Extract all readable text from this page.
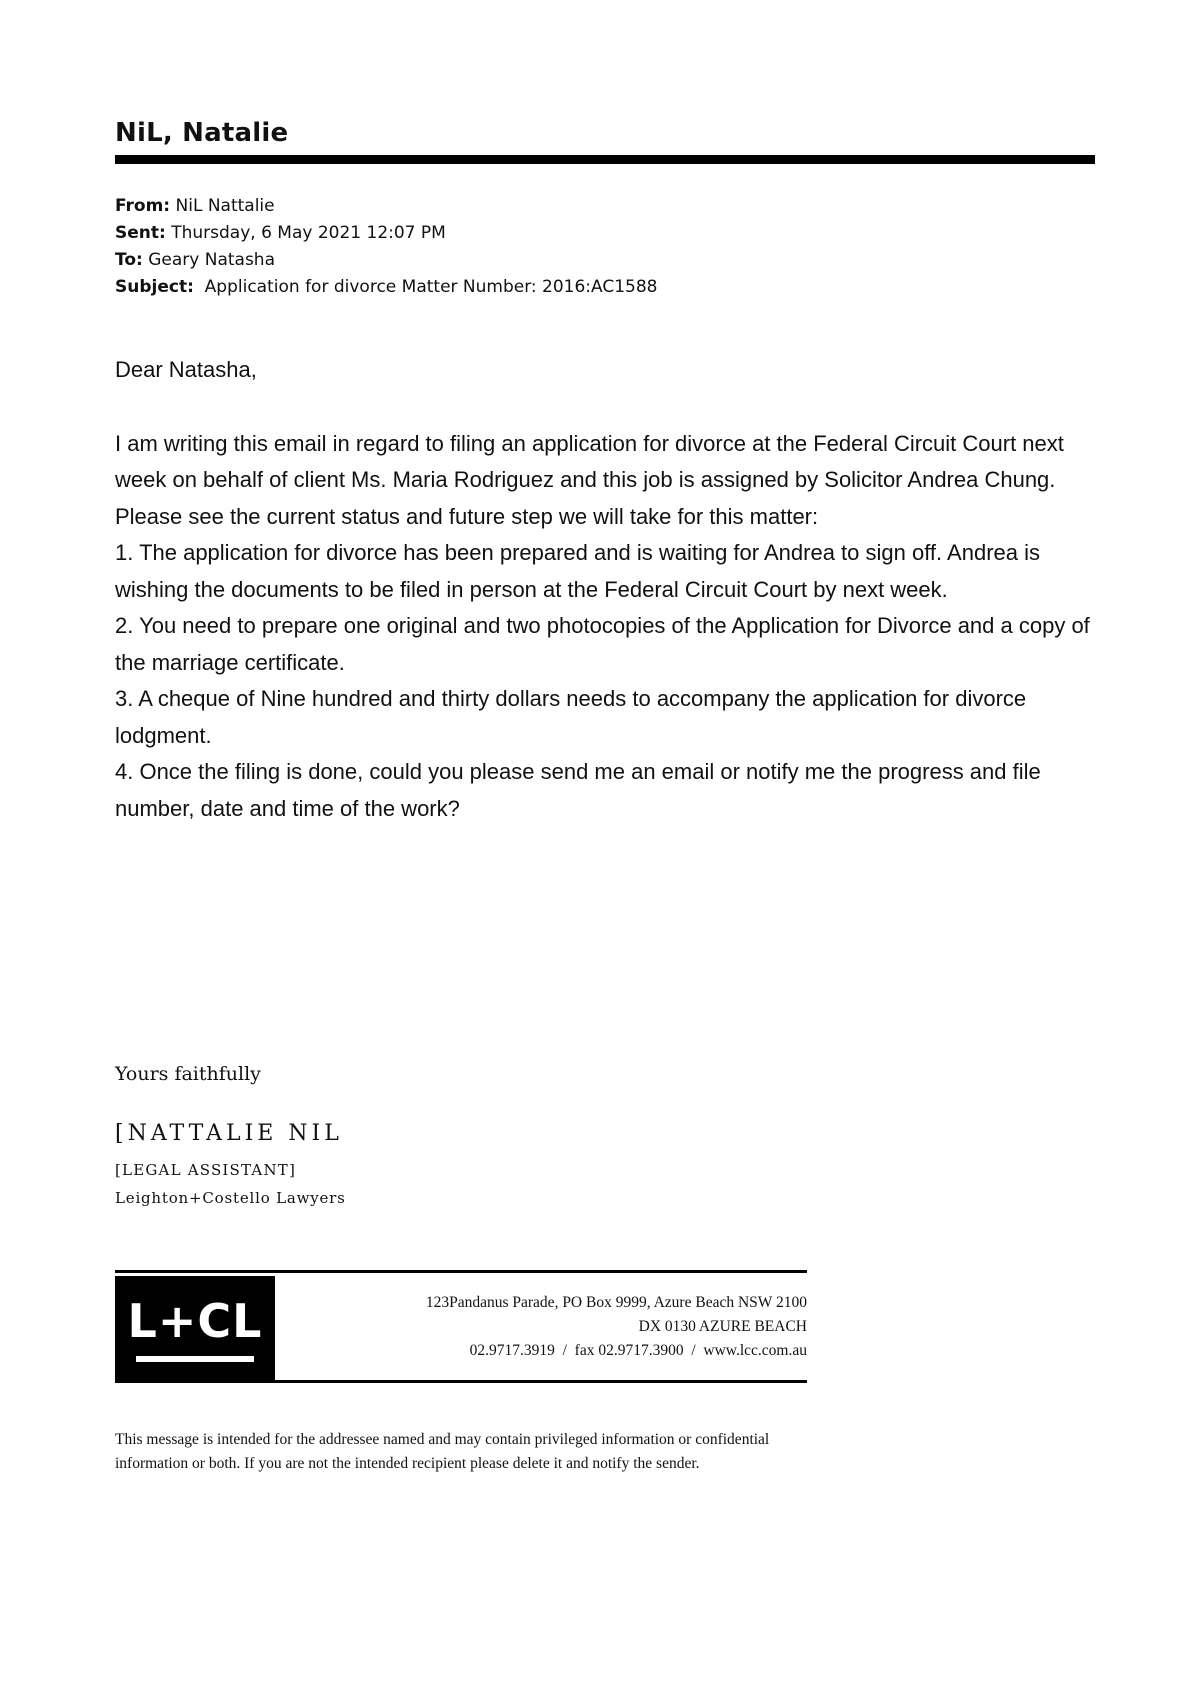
NiL, Natalie
From: NiL Nattalie
Sent: Thursday, 6 May 2021 12:07 PM
To: Geary Natasha
Subject:  Application for divorce Matter Number: 2016:AC1588

Dear Natasha,

I am writing this email in regard to filing an application for divorce at the Federal Circuit Court next week on behalf of client Ms. Maria Rodriguez and this job is assigned by Solicitor Andrea Chung.

Please see the current status and future step we will take for this matter:

1. The application for divorce has been prepared and is waiting for Andrea to sign off. Andrea is wishing the documents to be filed in person at the Federal Circuit Court by next week.

2. You need to prepare one original and two photocopies of the Application for Divorce and a copy of the marriage certificate.

3. A cheque of Nine hundred and thirty dollars needs to accompany the application for divorce lodgment.

4. Once the filing is done, could you please send me an email or notify me the progress and file number, date and time of the work?

Yours faithfully
[NATTALIE NIL
[LEGAL ASSISTANT]
Leighton+Costello Lawyers
L+CL	123Pandanus Parade, PO Box 9999, Azure Beach NSW 2100
DX 0130 AZURE BEACH
02.9717.3919  /  fax 02.9717.3900  /  www.lcc.com.au
This message is intended for the addressee named and may contain privileged information or confidential information or both. If you are not the intended recipient please delete it and notify the sender.
